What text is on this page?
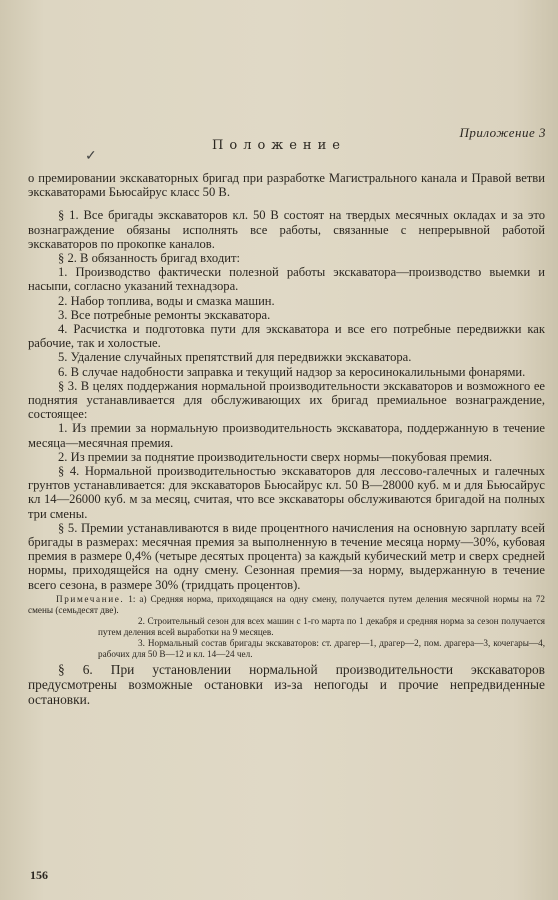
Приложение 3
Положение
✓

о премировании экскаваторных бригад при разработке Магистрального канала и Правой ветви экскаваторами Бьюсайрус класс 50 В.

§ 1. Все бригады экскаваторов кл. 50 В состоят на твердых месячных окладах и за это вознаграждение обязаны исполнять все работы, связанные с непрерывной работой экскаваторов по прокопке каналов.

§ 2. В обязанность бригад входит:

1. Производство фактически полезной работы экскаватора—производство выемки и насыпи, согласно указаний технадзора.

2. Набор топлива, воды и смазка машин.

3. Все потребные ремонты экскаватора.

4. Расчистка и подготовка пути для экскаватора и все его потребные передвижки как рабочие, так и холостые.

5. Удаление случайных препятствий для передвижки экскаватора.

6. В случае надобности заправка и текущий надзор за керосинокалильными фонарями.

§ 3. В целях поддержания нормальной производительности экскаваторов и возможного ее поднятия устанавливается для обслуживающих их бригад премиальное вознаграждение, состоящее:

1. Из премии за нормальную производительность экскаватора, поддержанную в течение месяца—месячная премия.

2. Из премии за поднятие производительности сверх нормы—покубовая премия.

§ 4. Нормальной производительностью экскаваторов для лессово-галечных и галечных грунтов устанавливается: для экскаваторов Бьюсайрус кл. 50 В—28000 куб. м и для Бьюсайрус кл 14—26000 куб. м за месяц, считая, что все экскаваторы обслуживаются бригадой на полных три смены.

§ 5. Премии устанавливаются в виде процентного начисления на основную зарплату всей бригады в размерах: месячная премия за выполненную в течение месяца норму—30%, кубовая премия в размере 0,4% (четыре десятых процента) за каждый кубический метр и сверх средней нормы, приходящейся на одну смену. Сезонная премия—за норму, выдержанную в течение всего сезона, в размере 30% (тридцать процентов).

Примечание. 1: а) Средняя норма, приходящаяся на одну смену, получается путем деления месячной нормы на 72 смены (семьдесят две).

2. Строительный сезон для всех машин с 1-го марта по 1 декабря и средняя норма за сезон получается путем деления всей выработки на 9 месяцев.

3. Нормальный состав бригады экскаваторов: ст. драгер—1, драгер—2, пом. драгера—3, кочегары—4, рабочих для 50 В—12 и кл. 14—24 чел.

§ 6. При установлении нормальной производительности экскаваторов предусмотрены возможные остановки из-за непогоды и прочие непредвиденные остановки.

156
